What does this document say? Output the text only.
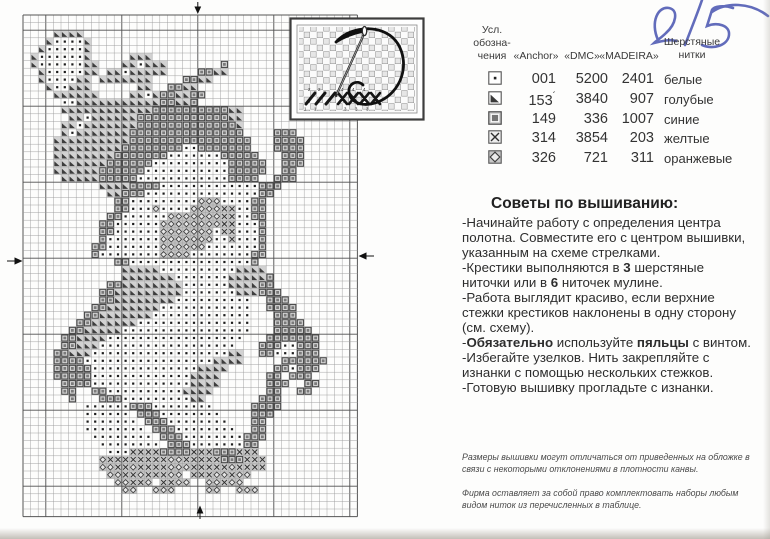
2 2	4 4 4
1 1	3 3 3
Усл.
обозна-
чения «Anchor» «DMC» «MADEIRA»
Шерстяные
нитки
001	5200 2401 белые
153´	3840	907 голубые
149	336 1007 синие
314	3854	203 желтые
326	721	311 оранжевые
Советы по вышиванию:
-Начинайте работу с определения центра полотна. Совместите его с центром вышивки, указанным на схеме стрелками.
-Крестики выполняются в 3 шерстяные ниточки или в 6 ниточек мулине.
-Работа выглядит красиво, если верхние стежки крестиков наклонены в одну сторону (см. схему).
-Обязательно используйте пяльцы с винтом.
-Избегайте узелков. Нить закрепляйте с изнанки с помощью нескольких стежков.
-Готовую вышивку прогладьте с изнанки.
Размеры вышивки могут отличаться от приведенных на обложке в связи с некоторыми отклонениями в плотности канвы.
Фирма оставляет за собой право комплектовать наборы любым видом ниток из перечисленных в таблице.
